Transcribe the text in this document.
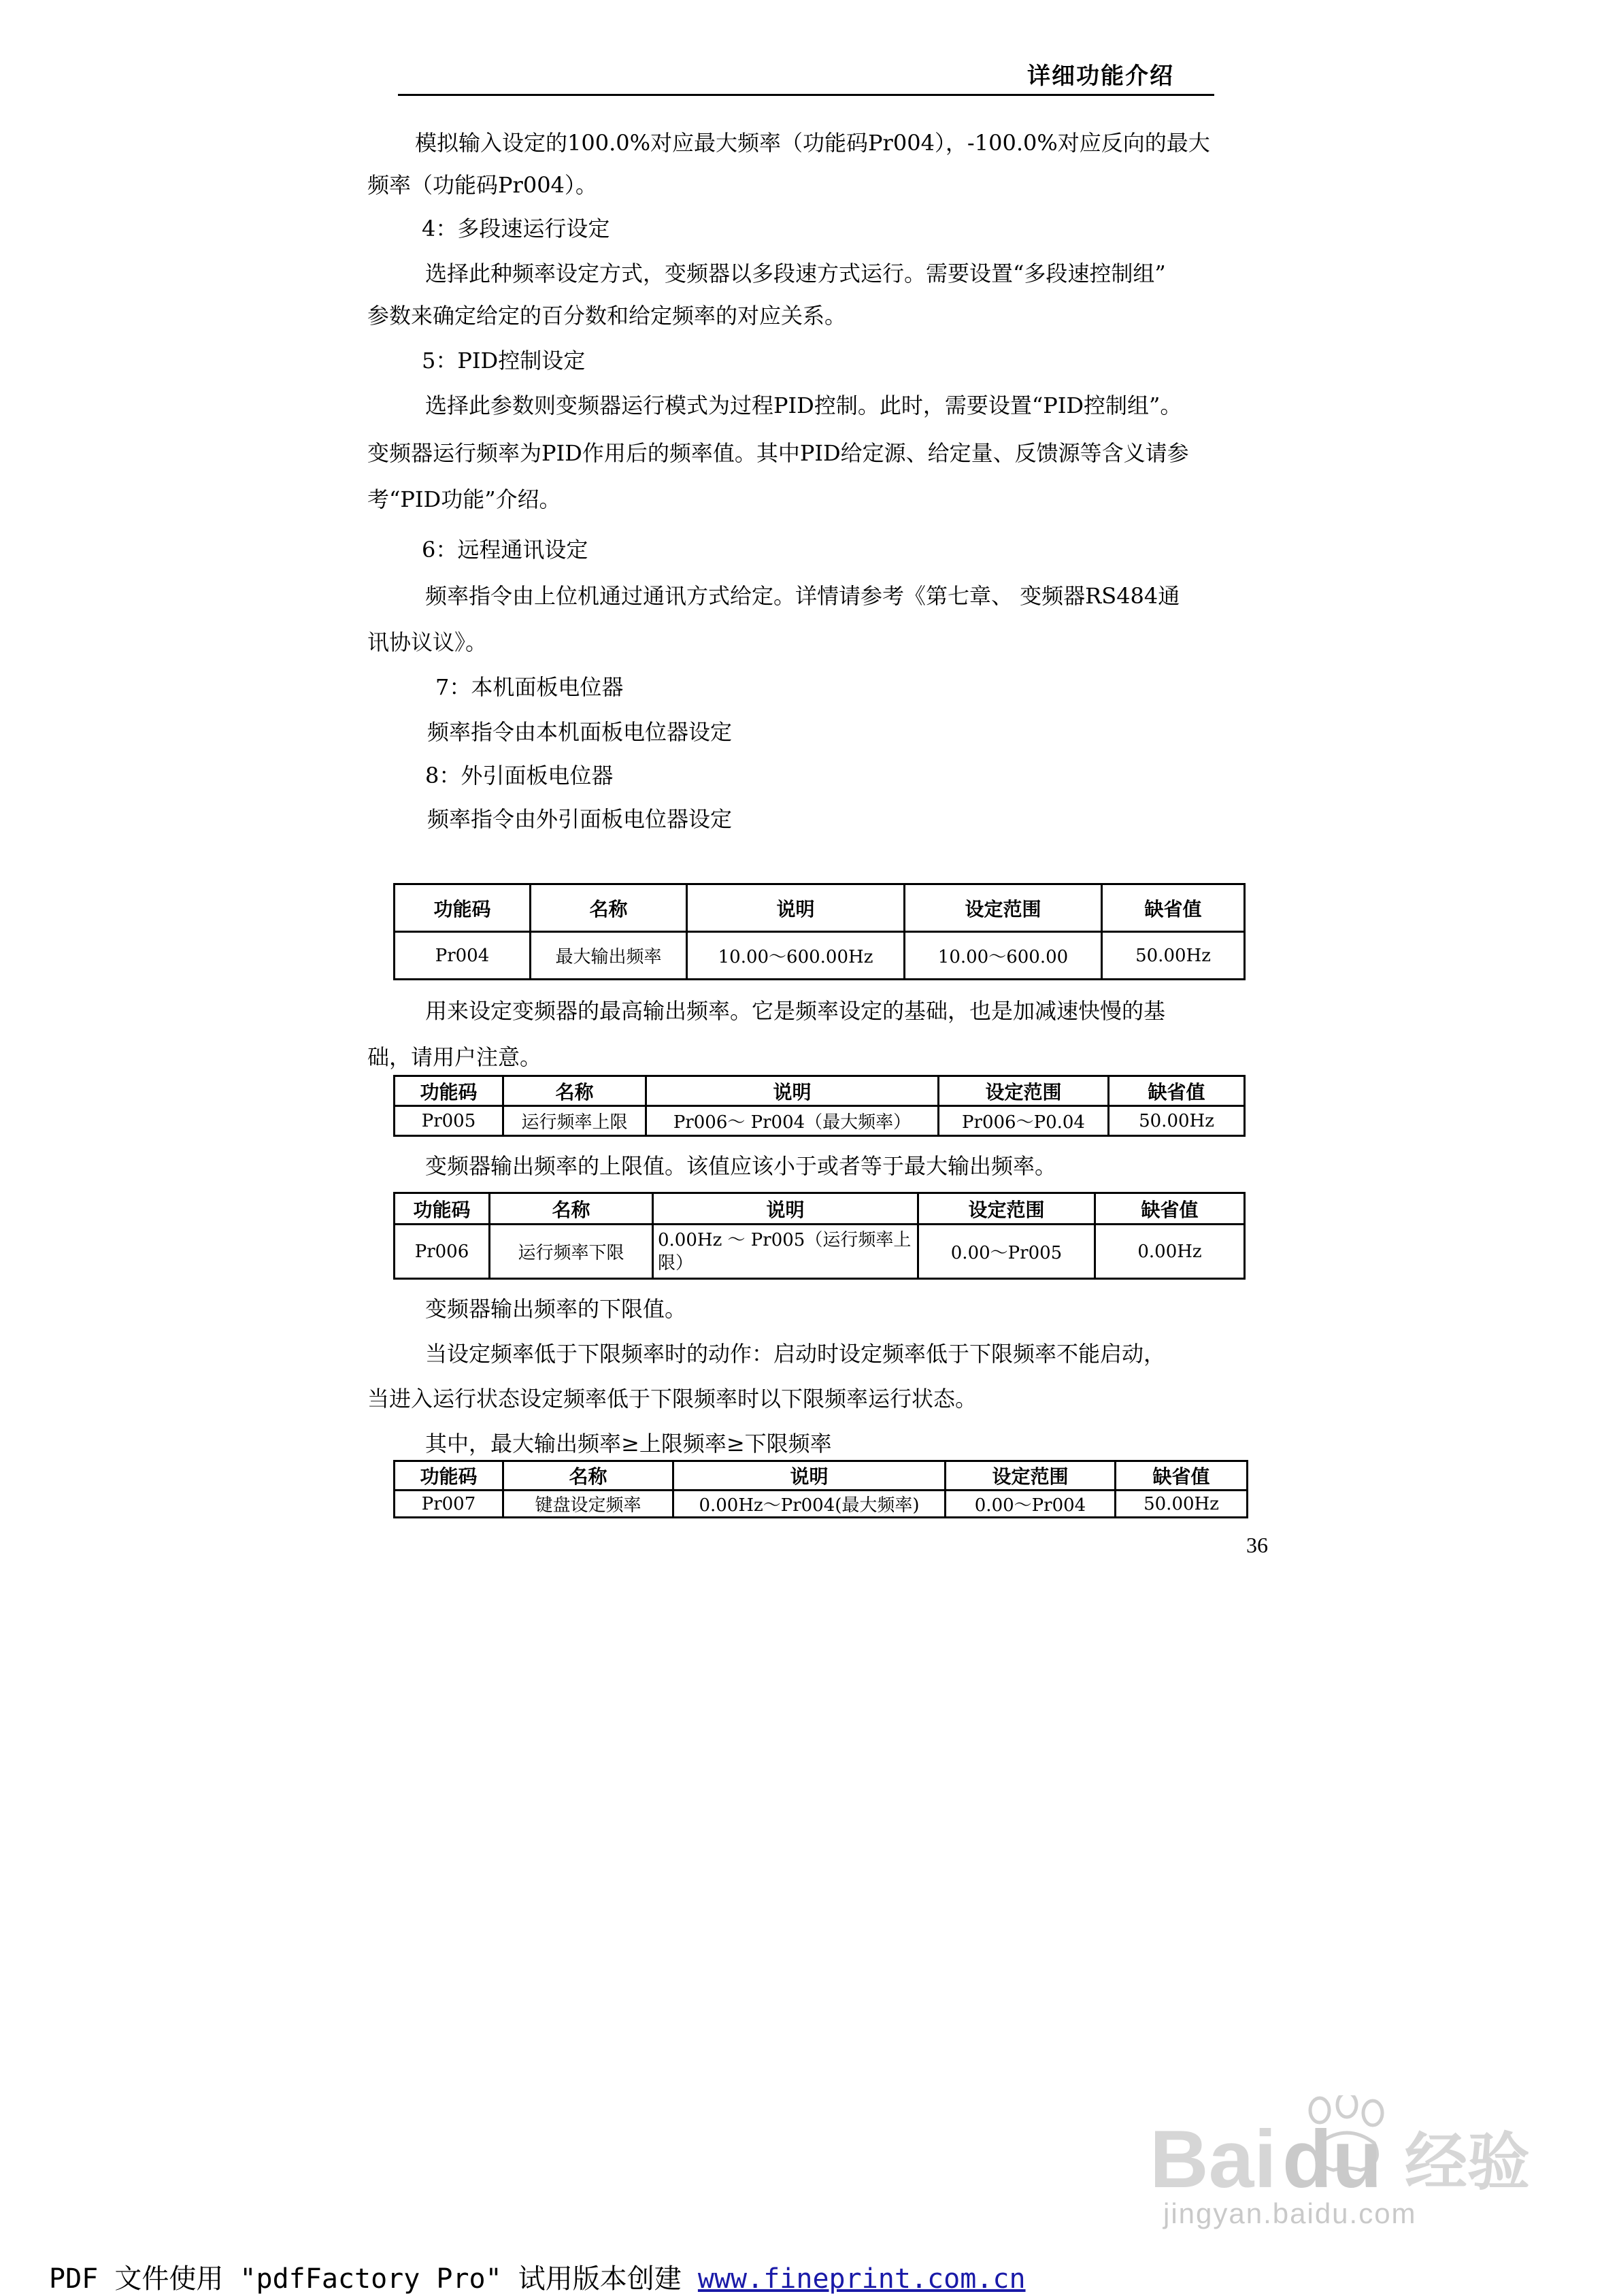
详细功能介绍

模拟输入设定的100.0%对应最大频率（功能码Pr004），-100.0%对应反向的最大

频率（功能码Pr004）。

4：多段速运行设定

选择此种频率设定方式，变频器以多段速方式运行。需要设置“多段速控制组”

参数来确定给定的百分数和给定频率的对应关系。

5：PID控制设定

选择此参数则变频器运行模式为过程PID控制。此时，需要设置“PID控制组”。

变频器运行频率为PID作用后的频率值。其中PID给定源、给定量、反馈源等含义请参

考“PID功能”介绍。

6：远程通讯设定

频率指令由上位机通过通讯方式给定。详情请参考《第七章、 变频器RS484通

讯协议议》。

7：本机面板电位器

频率指令由本机面板电位器设定

8：外引面板电位器

频率指令由外引面板电位器设定

功能码	名称	说明	设定范围	缺省值
Pr004	最大输出频率	10.00～600.00Hz	10.00～600.00	50.00Hz

用来设定变频器的最高输出频率。它是频率设定的基础，也是加减速快慢的基

础，请用户注意。

功能码	名称	说明	设定范围	缺省值
Pr005	运行频率上限	Pr006～ Pr004（最大频率）	Pr006～P0.04	50.00Hz

变频器输出频率的上限值。该值应该小于或者等于最大输出频率。

功能码	名称	说明	设定范围	缺省值
Pr006	运行频率下限	0.00Hz ～ Pr005（运行频率上限）	0.00～Pr005	0.00Hz

变频器输出频率的下限值。

当设定频率低于下限频率时的动作：启动时设定频率低于下限频率不能启动，

当进入运行状态设定频率低于下限频率时以下限频率运行状态。

其中，最大输出频率≥上限频率≥下限频率

功能码	名称	说明	设定范围	缺省值
Pr007	键盘设定频率	0.00Hz～Pr004(最大频率)	0.00～Pr004	50.00Hz
36
Bai du 经验
jingyan.baidu.com
PDF 文件使用 "pdfFactory Pro" 试用版本创建 www.fineprint.com.cn
